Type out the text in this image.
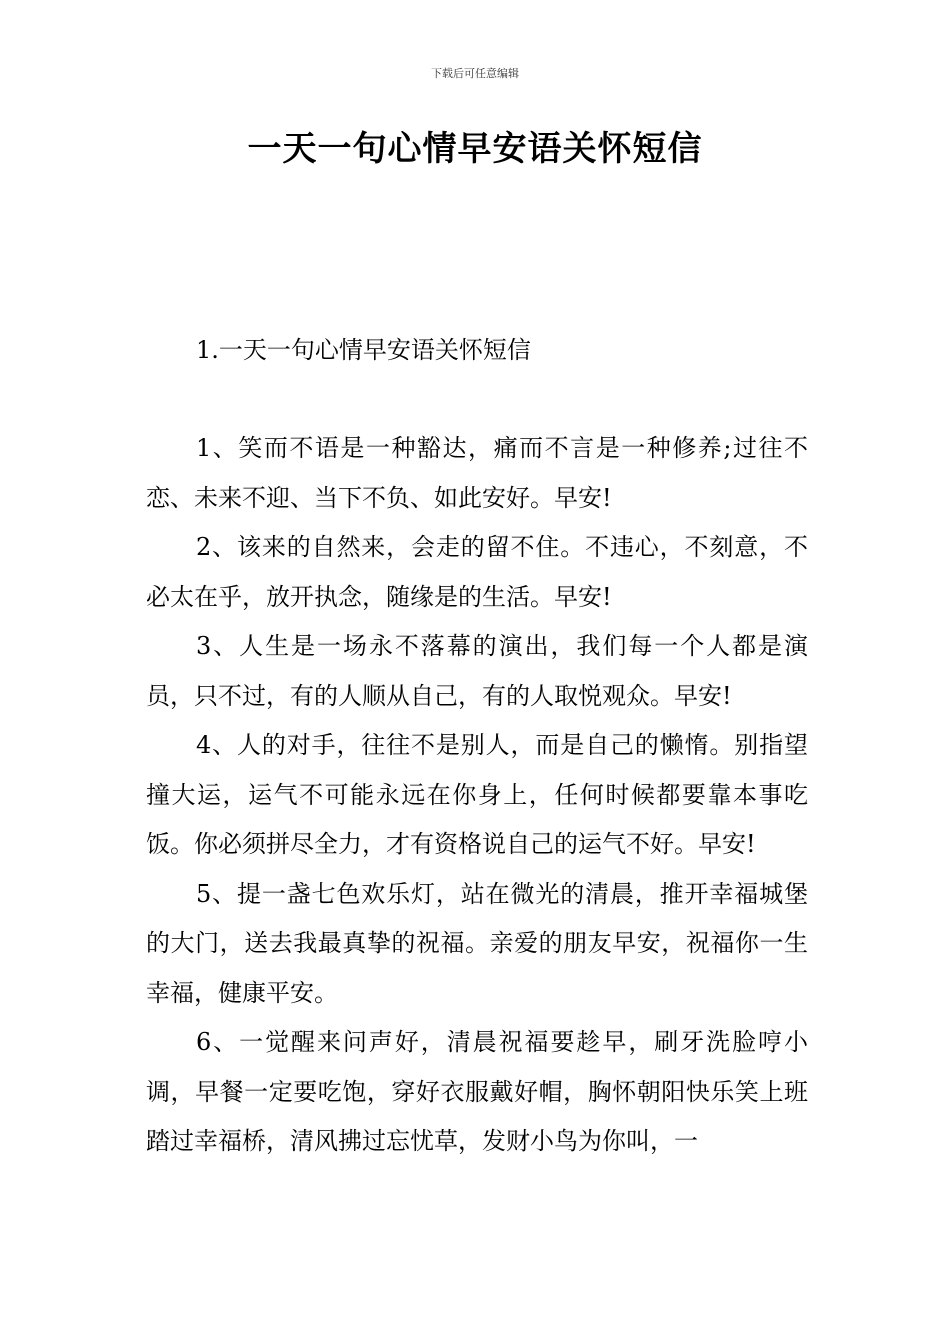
下载后可任意编辑
一天一句心情早安语关怀短信
1.一天一句心情早安语关怀短信

1、笑而不语是一种豁达，痛而不言是一种修养;过往不恋、未来不迎、当下不负、如此安好。早安!

2、该来的自然来，会走的留不住。不违心，不刻意，不必太在乎，放开执念，随缘是的生活。早安!

3、人生是一场永不落幕的演出，我们每一个人都是演员，只不过，有的人顺从自己，有的人取悦观众。早安!

4、人的对手，往往不是别人，而是自己的懒惰。别指望撞大运，运气不可能永远在你身上，任何时候都要靠本事吃饭。你必须拼尽全力，才有资格说自己的运气不好。早安!

5、提一盏七色欢乐灯，站在微光的清晨，推开幸福城堡的大门，送去我最真挚的祝福。亲爱的朋友早安，祝福你一生幸福，健康平安。

6、一觉醒来问声好，清晨祝福要趁早，刷牙洗脸哼小调，早餐一定要吃饱，穿好衣服戴好帽，胸怀朝阳快乐笑上班踏过幸福桥，清风拂过忘忧草，发财小鸟为你叫，一
